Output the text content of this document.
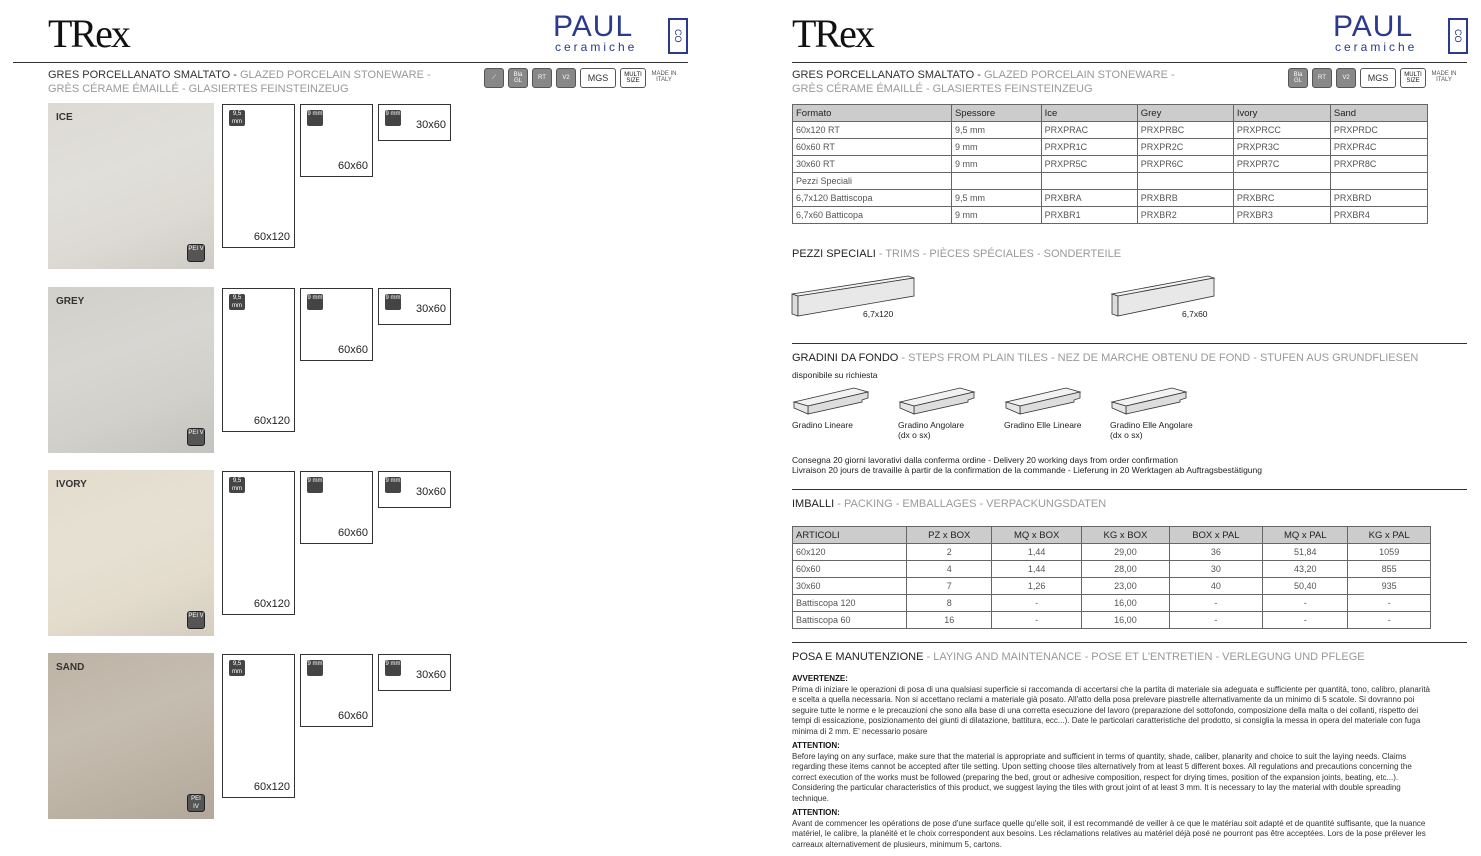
TRex	PAUL
ceramiche
CO
GRES PORCELLANATO SMALTATO - GLAZED PORCELAIN STONEWARE -
GRÈS CÉRAME ÉMAILLÉ - GLASIERTES FEINSTEINZEUG
⟋	Bla GL	RT	V2	MGS	MULTI SIZE
MADE IN ITALY
ICE
PEI V
9,5 mm
60x120
9 mm
60x60
9 mm
30x60
GREY
PEI V
9,5 mm
60x120
9 mm
60x60
9 mm
30x60
IVORY
PEI V
9,5 mm
60x120
9 mm
60x60
9 mm
30x60
SAND
PEI IV
9,5 mm
60x120
9 mm
60x60
9 mm
30x60
TRex	PAUL
ceramiche
CO
GRES PORCELLANATO SMALTATO - GLAZED PORCELAIN STONEWARE -
GRÈS CÉRAME ÉMAILLÉ - GLASIERTES FEINSTEINZEUG
Bla GL	RT	V2	MGS	MULTI SIZE
MADE IN ITALY
Formato	Spessore	Ice	Grey	Ivory	Sand
60x120 RT	9,5 mm	PRXPRAC	PRXPRBC	PRXPRCC	PRXPRDC
60x60 RT	9 mm	PRXPR1C	PRXPR2C	PRXPR3C	PRXPR4C
30x60 RT	9 mm	PRXPR5C	PRXPR6C	PRXPR7C	PRXPR8C
Pezzi Speciali					
6,7x120 Battiscopa	9,5 mm	PRXBRA	PRXBRB	PRXBRC	PRXBRD
6,7x60 Batticopa	9 mm	PRXBR1	PRXBR2	PRXBR3	PRXBR4
PEZZI SPECIALI - TRIMS - PIÈCES SPÉCIALES - SONDERTEILE
6,7x120	6,7x60
GRADINI DA FONDO - STEPS FROM PLAIN TILES - NEZ DE MARCHE OBTENU DE FOND - STUFEN AUS GRUNDFLIESEN
disponibile su richiesta
Gradino Lineare	Gradino Angolare
(dx o sx)
Gradino Elle Lineare	Gradino Elle Angolare
(dx o sx)
Consegna 20 giorni lavorativi dalla conferma ordine - Delivery 20 working days from order confirmation
Livraison 20 jours de travaille à partir de la confirmation de la commande - Lieferung in 20 Werktagen ab Auftragsbestätigung
IMBALLI - PACKING - EMBALLAGES - VERPACKUNGSDATEN
ARTICOLI	PZ x BOX	MQ x BOX	KG x BOX	BOX x PAL	MQ x PAL	KG x PAL
60x120	2	1,44	29,00	36	51,84	1059
60x60	4	1,44	28,00	30	43,20	855
30x60	7	1,26	23,00	40	50,40	935
Battiscopa 120	8	-	16,00	-	-	-
Battiscopa 60	16	-	16,00	-	-	-
POSA E MANUTENZIONE - LAYING AND MAINTENANCE - POSE ET L'ENTRETIEN - VERLEGUNG UND PFLEGE
AVVERTENZE:
Prima di iniziare le operazioni di posa di una qualsiasi superficie si raccomanda di accertarsi che la partita di materiale sia adeguata e sufficiente per quantità, tono, calibro, planarità e scelta a quella necessaria. Non si accettano reclami a materiale già posato. All'atto della posa prelevare piastrelle alternativamente da un minimo di 5 scatole. Si dovranno poi seguire tutte le norme e le precauzioni che sono alla base di una corretta esecuzione del lavoro (preparazione del sottofondo, composizione della malta o dei collanti, rispetto dei tempi di essicazione, posizionamento dei giunti di dilatazione, battitura, ecc...). Date le particolari caratteristiche del prodotto, si consiglia la messa in opera del materiale con fuga minima di 2 mm. E' necessario posare
ATTENTION:
Before laying on any surface, make sure that the material is appropriate and sufficient in terms of quantity, shade, caliber, planarity and choice to suit the laying needs. Claims regarding these items cannot be accepted after tile setting. Upon setting choose tiles alternatively from at least 5 different boxes. All regulations and precautions concerning the correct execution of the works must be followed (preparing the bed, grout or adhesive composition, respect for drying times, position of the expansion joints, beating, etc...). Considering the particular characteristics of this product, we suggest laying the tiles with grout joint of at least 3 mm. It is necessary to lay the material with double spreading technique.
ATTENTION:
Avant de commencer les opérations de pose d'une surface quelle qu'elle soit, il est recommandé de veiller à ce que le matériau soit adapté et de quantité suffisante, que la nuance matériel, le calibre, la planéité et le choix correspondent aux besoins. Les réclamations relatives au matériel déjà posé ne pourront pas être acceptées. Lors de la pose prélever les carreaux alternativement de plusieurs, minimum 5, cartons.
